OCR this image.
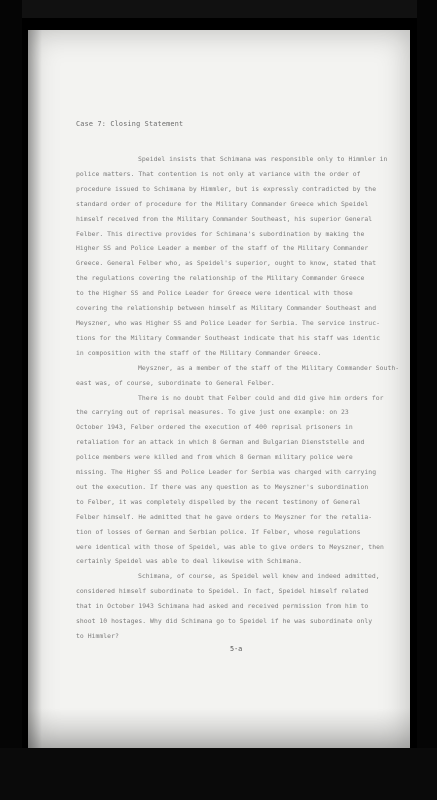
Case 7: Closing Statement
Speidel insists that Schimana was responsible only to Himmler in
police matters. That contention is not only at variance with the order of
procedure issued to Schimana by Himmler, but is expressly contradicted by the
standard order of procedure for the Military Commander Greece which Speidel
himself received from the Military Commander Southeast, his superior General
Felber. This directive provides for Schimana's subordination by making the
Higher SS and Police Leader a member of the staff of the Military Commander
Greece. General Felber who, as Speidel's superior, ought to know, stated that
the regulations covering the relationship of the Military Commander Greece
to the Higher SS and Police Leader for Greece were identical with those
covering the relationship between himself as Military Commander Southeast and
Meyszner, who was Higher SS and Police Leader for Serbia. The service instruc-
tions for the Military Commander Southeast indicate that his staff was identic
in composition with the staff of the Military Commander Greece.
Meyszner, as a member of the staff of the Military Commander South-
east was, of course, subordinate to General Felber.
There is no doubt that Felber could and did give him orders for
the carrying out of reprisal measures. To give just one example: on 23
October 1943, Felber ordered the execution of 400 reprisal prisoners in
retaliation for an attack in which 8 German and Bulgarian Dienststelle and
police members were killed and from which 8 German military police were
missing. The Higher SS and Police Leader for Serbia was charged with carrying
out the execution. If there was any question as to Meyszner's subordination
to Felber, it was completely dispelled by the recent testimony of General
Felber himself. He admitted that he gave orders to Meyszner for the retalia-
tion of losses of German and Serbian police. If Felber, whose regulations
were identical with those of Speidel, was able to give orders to Meyszner, then
certainly Speidel was able to deal likewise with Schimana.
Schimana, of course, as Speidel well knew and indeed admitted,
considered himself subordinate to Speidel. In fact, Speidel himself related
that in October 1943 Schimana had asked and received permission from him to
shoot 10 hostages. Why did Schimana go to Speidel if he was subordinate only
to Himmler?
5-a
